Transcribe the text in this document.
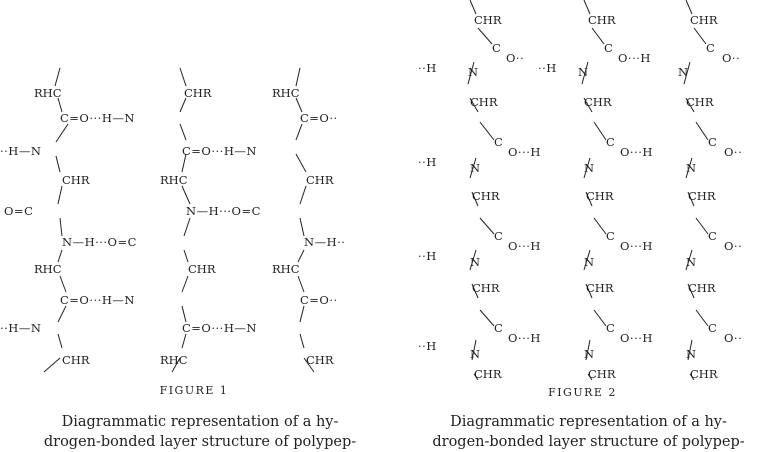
RHC	CHR	RHC
C=O···H—N	C=O··
··H—N	C=O···H—N
CHR	RHC	CHR
O=C	N—H···O=C
N—H···O=C	N—H··
RHC	CHR	RHC
C=O···H—N	C=O··
··H—N	C=O···H—N
CHR	RHC	CHR
FIGURE 1
Diagrammatic representation of a hy-
drogen-bonded layer structure of polypep-
CHR	CHR	CHR
C	C	C
O··	O···H	O··
··H	N	··H N	N
CHR	CHR	CHR
C	C	C
O···H	O···H	O··
··H	N	N	N
CHR	CHR	CHR
C	C	C
O···H	O···H	O··
··H	N	N	N
CHR	CHR	CHR
C	C	C
O···H	O···H	O··
··H
N	N	N
CHR	CHR	CHR
FIGURE 2
Diagrammatic representation of a hy-
drogen-bonded layer structure of polypep-
